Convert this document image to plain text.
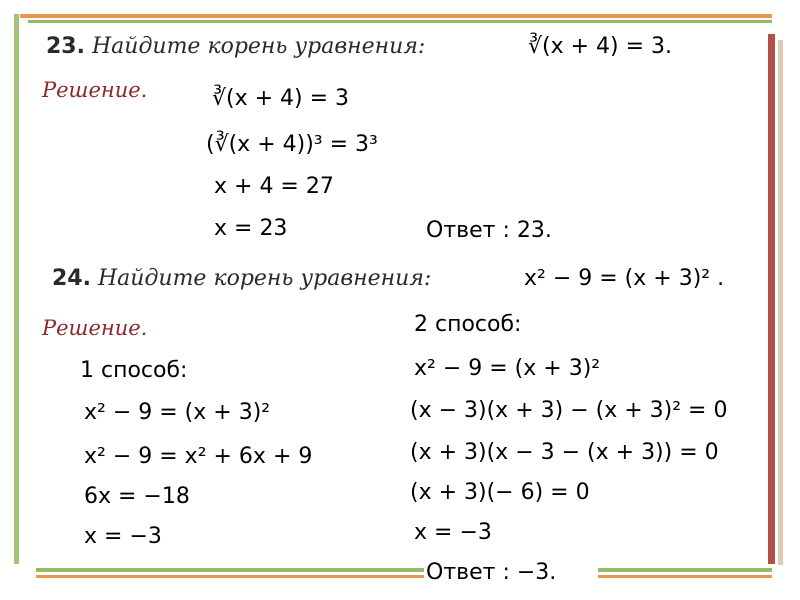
23. Найдите корень уравнения:	∛(x + 4) = 3.
Решение.	∛(x + 4) = 3
(∛(x + 4))³ = 3³
x + 4 = 27
x = 23	Ответ : 23.
24. Найдите корень уравнения:	x² − 9 = (x + 3)² .
Решение.
1 способ:
x² − 9 = (x + 3)²
x² − 9 = x² + 6x + 9
6x = −18
x = −3
2 способ:
x² − 9 = (x + 3)²
(x − 3)(x + 3) − (x + 3)² = 0
(x + 3)(x − 3 − (x + 3)) = 0
(x + 3)(− 6) = 0
x = −3
Ответ : −3.
